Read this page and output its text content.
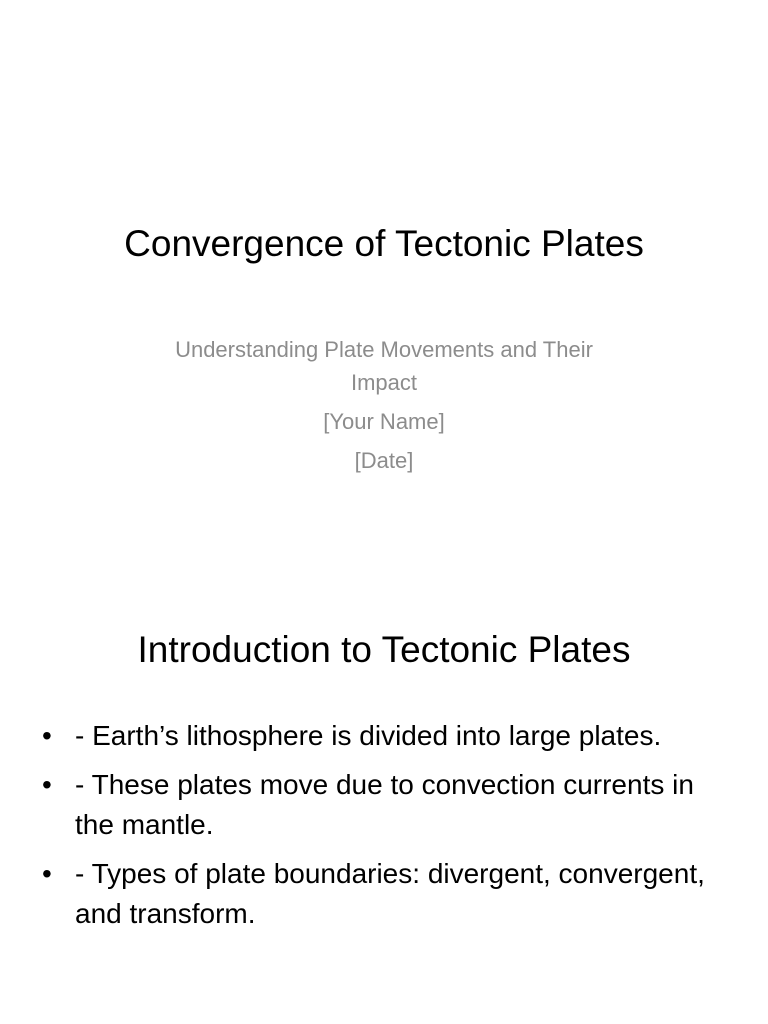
Convergence of Tectonic Plates
Understanding Plate Movements and Their
Impact
[Your Name]
[Date]
Introduction to Tectonic Plates
• - Earth’s lithosphere is divided into large plates.
• - These plates move due to convection currents in the mantle.
• - Types of plate boundaries: divergent, convergent, and transform.
